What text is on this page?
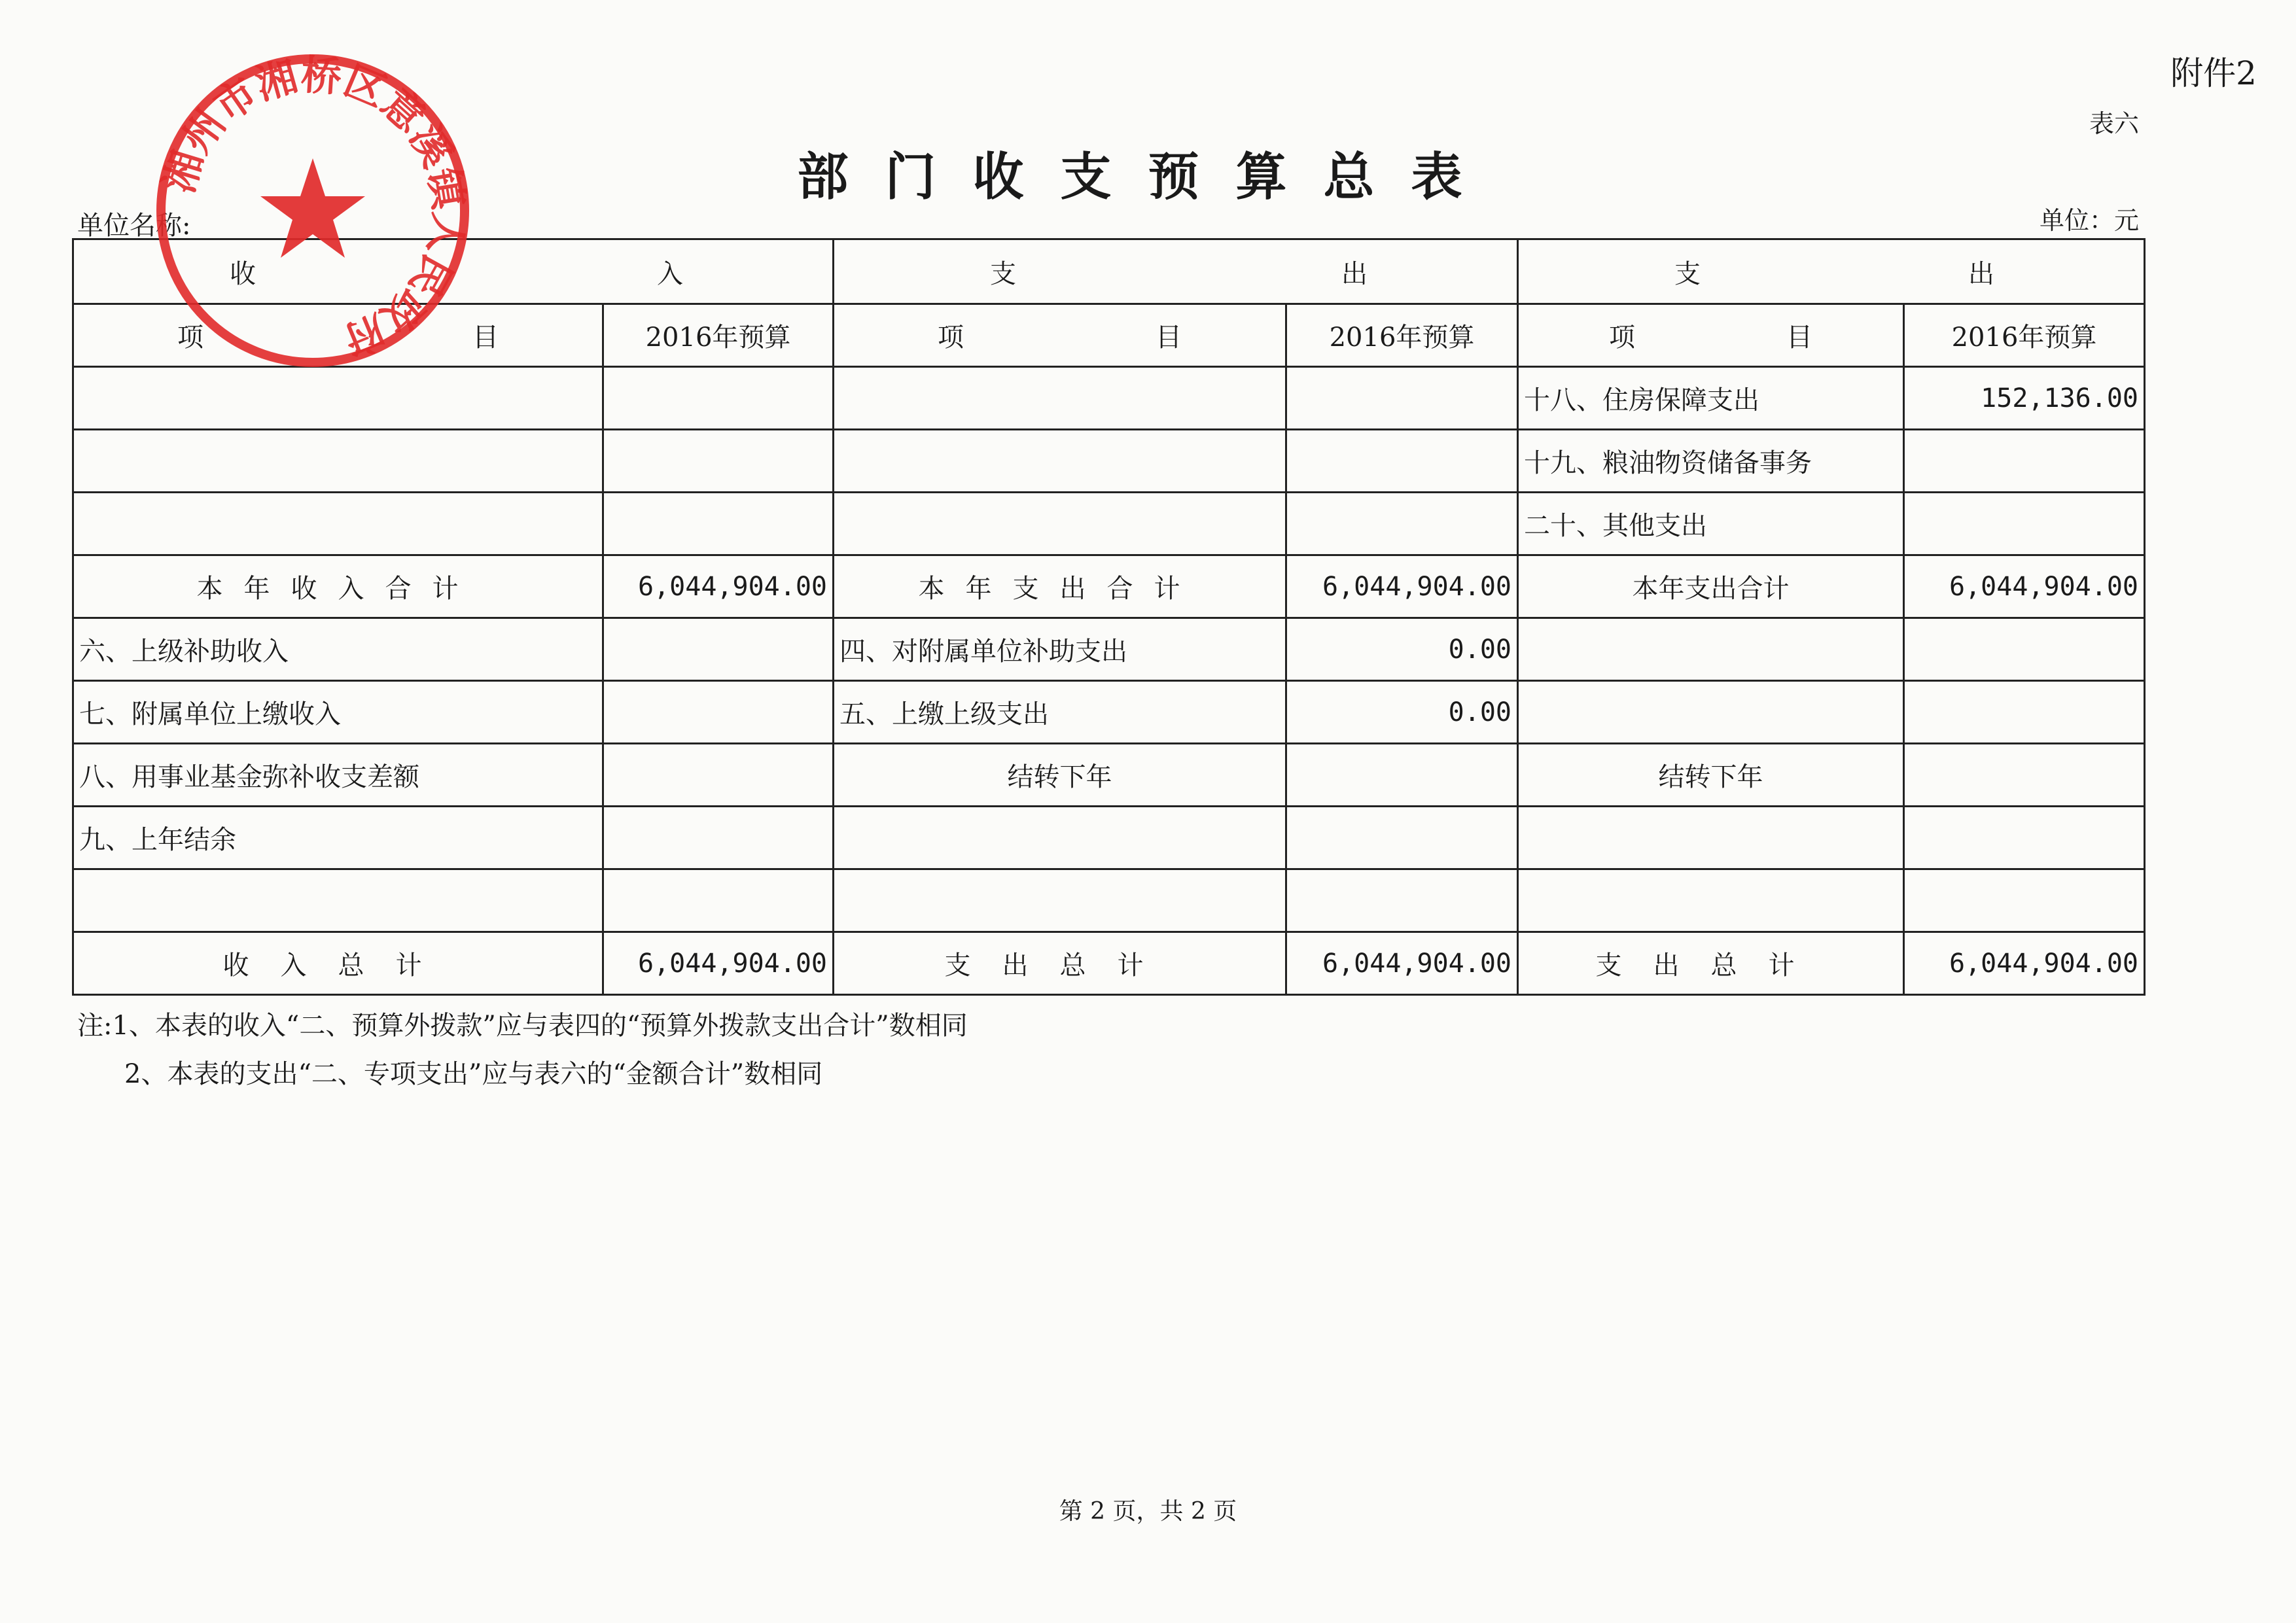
附件2
表六
部门收支预算总表
单位名称:	单位：元
收 入		支 出		支 出	

项 目	2016年预算	项 目	2016年预算	项 目	2016年预算
				十八、住房保障支出	152,136.00
				十九、粮油物资储备事务	
				二十、其他支出	
本年收入合计	6,044,904.00	本年支出合计	6,044,904.00	本年支出合计	6,044,904.00
六、上级补助收入		四、对附属单位补助支出	0.00		
七、附属单位上缴收入		五、上缴上级支出	0.00		
八、用事业基金弥补收支差额		结转下年		结转下年	
九、上年结余					

收入总计	6,044,904.00	支出总计	6,044,904.00	支出总计	6,044,904.00
注:1、本表的收入“二、预算外拨款”应与表四的“预算外拨款支出合计”数相同
2、本表的支出“二、专项支出”应与表六的“金额合计”数相同
第 2 页，共 2 页
湘州市湘桥区意溪镇人民政府
